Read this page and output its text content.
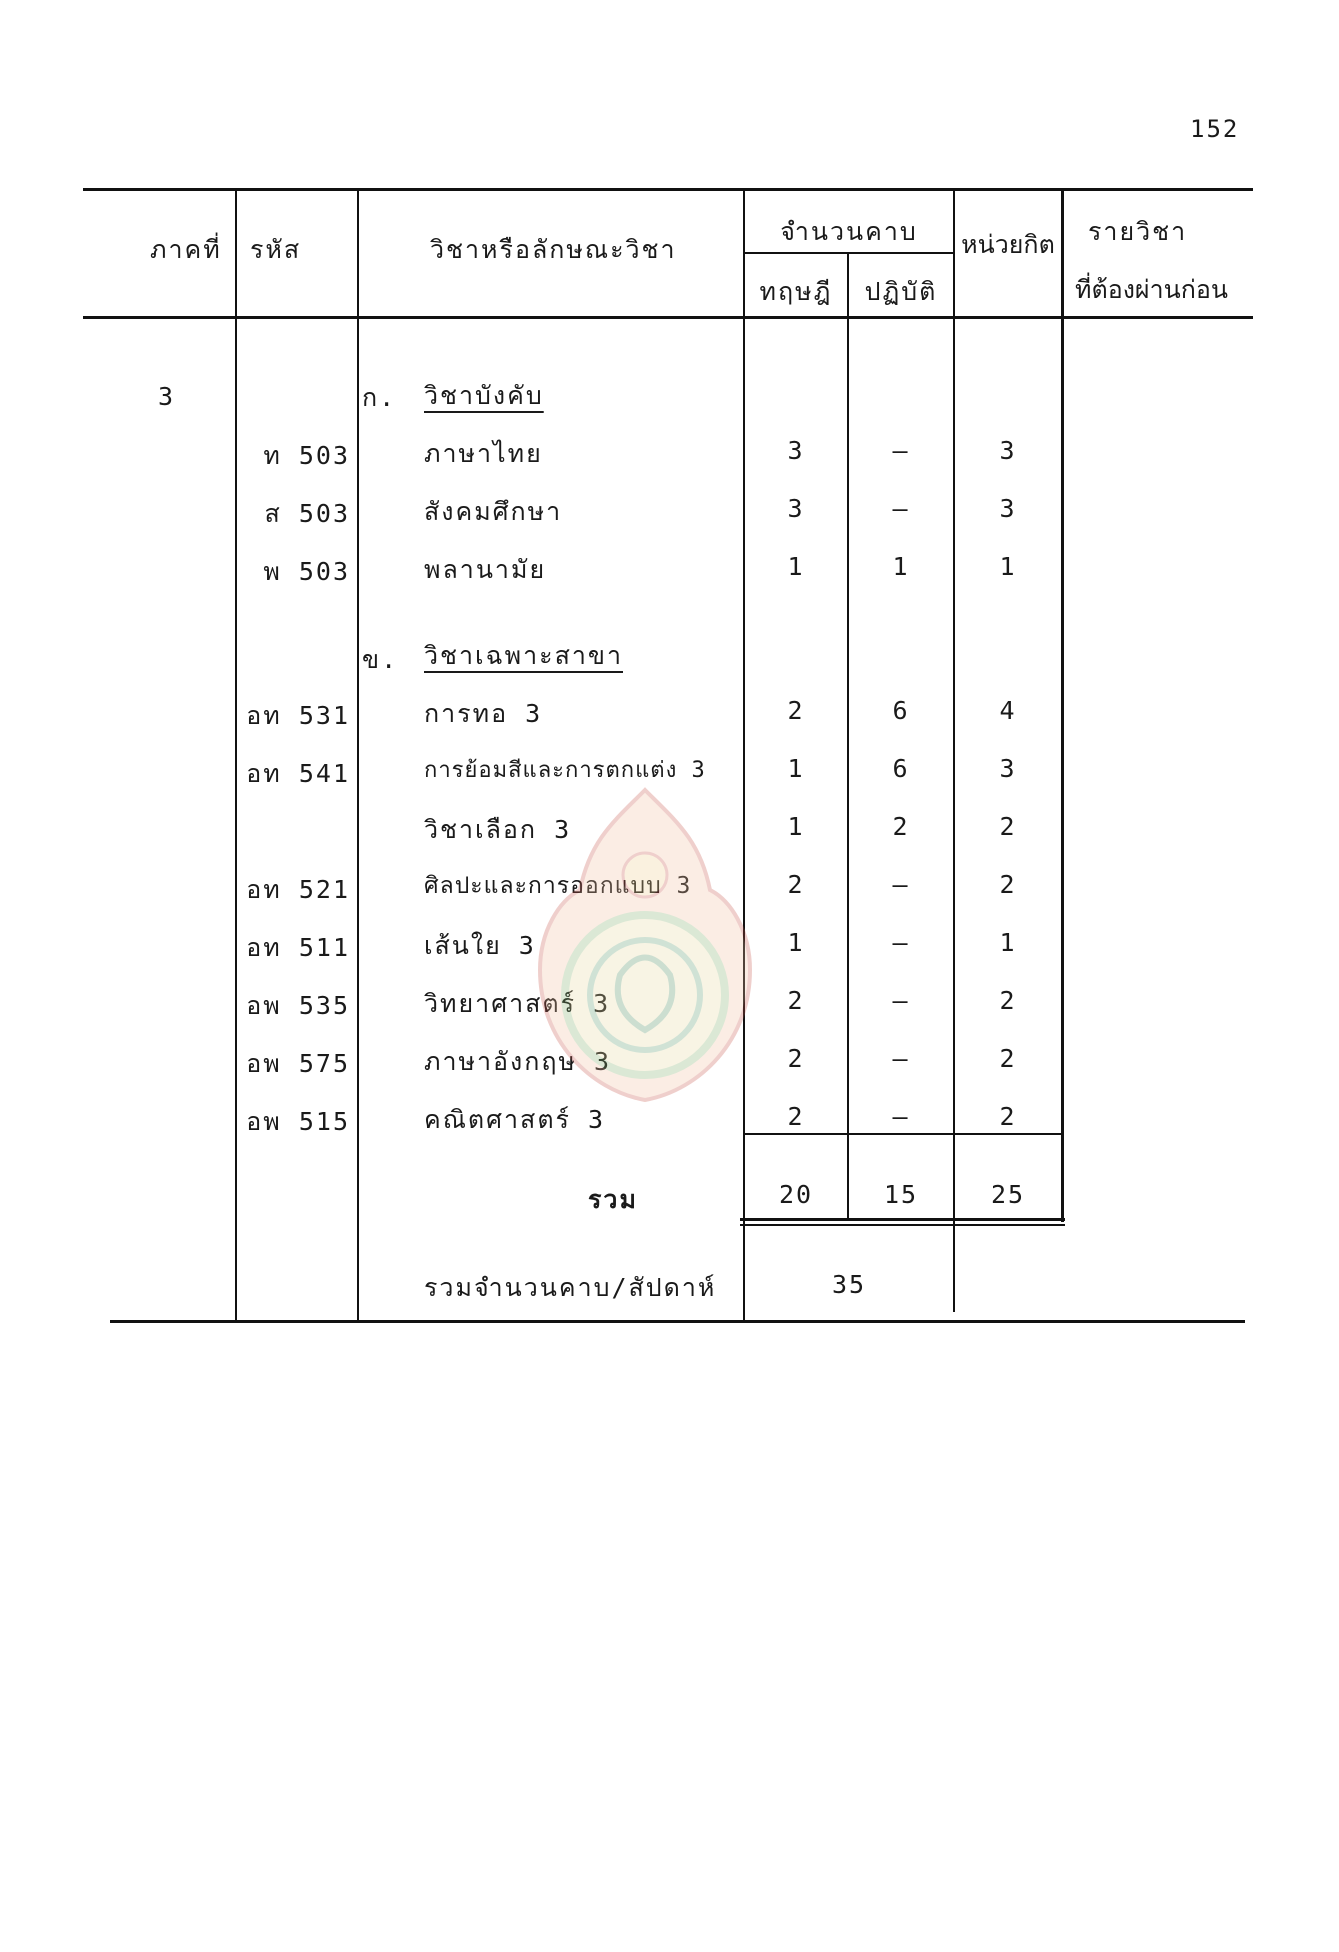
152
ภาคที่ รหัส	วิชาหรือลักษณะวิชา
จำนวนคาบ
ทฤษฎี	ปฏิบัติ
หน่วยกิต รายวิชา
ที่ต้องผ่านก่อน
3	ก. วิชาบังคับ
ท 503	ภาษาไทย	3	–	3
ส 503	สังคมศึกษา	3	–	3
พ 503	พลานามัย	1	1	1
ข. วิชาเฉพาะสาขา
อท 531	การทอ 3	2	6	4
อท 541	การย้อมสีและการตกแต่ง 3	1	6	3
วิชาเลือก 3	1	2	2
อท 521	ศิลปะและการออกแบบ 3	2	–	2
อท 511	เส้นใย 3	1	–	1
อพ 535	วิทยาศาสตร์ 3	2	–	2
อพ 575	ภาษาอังกฤษ 3	2	–	2
อพ 515	คณิตศาสตร์ 3	2	–	2
รวม	20	15	25
รวมจำนวนคาบ/สัปดาห์	35
